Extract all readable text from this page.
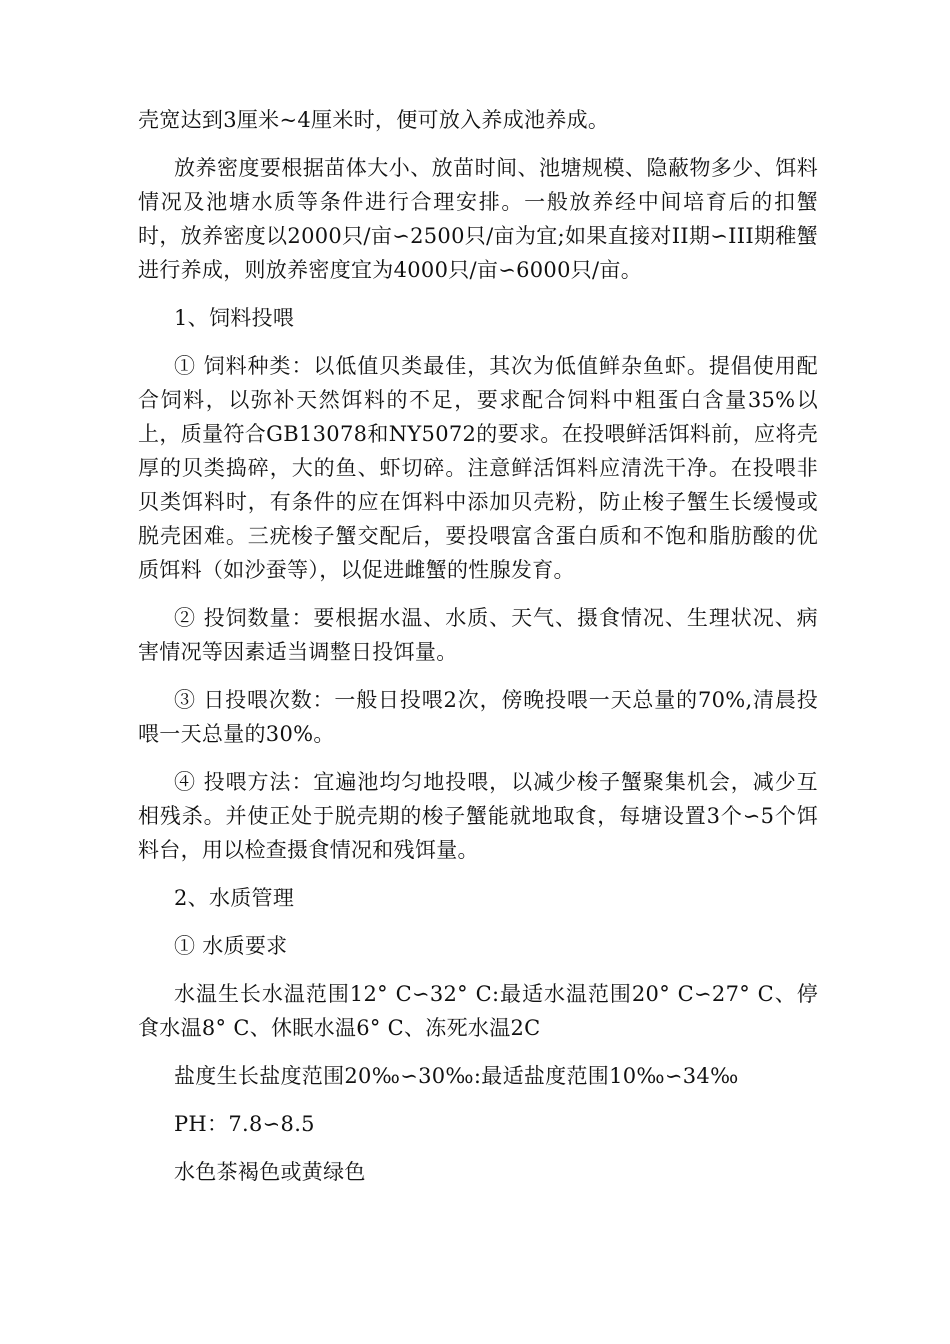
壳宽达到3厘米~4厘米时，便可放入养成池养成。

放养密度要根据苗体大小、放苗时间、池塘规模、隐蔽物多少、饵料情况及池塘水质等条件进行合理安排。一般放养经中间培育后的扣蟹时，放养密度以2000只/亩∽2500只/亩为宜;如果直接对II期∽III期稚蟹进行养成，则放养密度宜为4000只/亩∽6000只/亩。

1、饲料投喂

① 饲料种类：以低值贝类最佳，其次为低值鲜杂鱼虾。提倡使用配合饲料，以弥补天然饵料的不足，要求配合饲料中粗蛋白含量35%以上，质量符合GB13078和NY5072的要求。在投喂鲜活饵料前，应将壳厚的贝类捣碎，大的鱼、虾切碎。注意鲜活饵料应清洗干净。在投喂非贝类饵料时，有条件的应在饵料中添加贝壳粉，防止梭子蟹生长缓慢或脱壳困难。三疣梭子蟹交配后，要投喂富含蛋白质和不饱和脂肪酸的优质饵料（如沙蚕等），以促进雌蟹的性腺发育。

② 投饲数量：要根据水温、水质、天气、摄食情况、生理状况、病害情况等因素适当调整日投饵量。

③ 日投喂次数：一般日投喂2次，傍晚投喂一天总量的70%,清晨投喂一天总量的30%。

④ 投喂方法：宜遍池均匀地投喂，以减少梭子蟹聚集机会，减少互相残杀。并使正处于脱壳期的梭子蟹能就地取食，每塘设置3个∽5个饵料台，用以检查摄食情况和残饵量。

2、水质管理

① 水质要求

水温生长水温范围12° C∽32° C:最适水温范围20° C∽27° C、停食水温8° C、休眠水温6° C、冻死水温2C

盐度生长盐度范围20‰∽30‰:最适盐度范围10‰∽34‰

PH：7.8∽8.5

水色茶褐色或黄绿色
